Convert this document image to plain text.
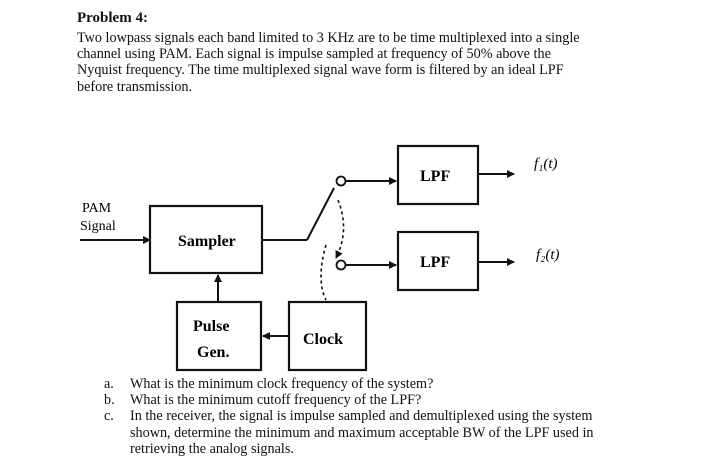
Problem 4:
Two lowpass signals each band limited to 3 KHz are to be time multiplexed into a single
channel using PAM. Each signal is impulse sampled at frequency of 50% above the
Nyquist frequency. The time multiplexed signal wave form is filtered by an ideal LPF
before transmission.
PAM
Signal
Sampler
Pulse
Gen.
Clock
LPF
f₁(t)
LPF	f₂(t)
a. What is the minimum clock frequency of the system?
b. What is the minimum cutoff frequency of the LPF?
c. In the receiver, the signal is impulse sampled and demultiplexed using the system
shown, determine the minimum and maximum acceptable BW of the LPF used in
retrieving the analog signals.
